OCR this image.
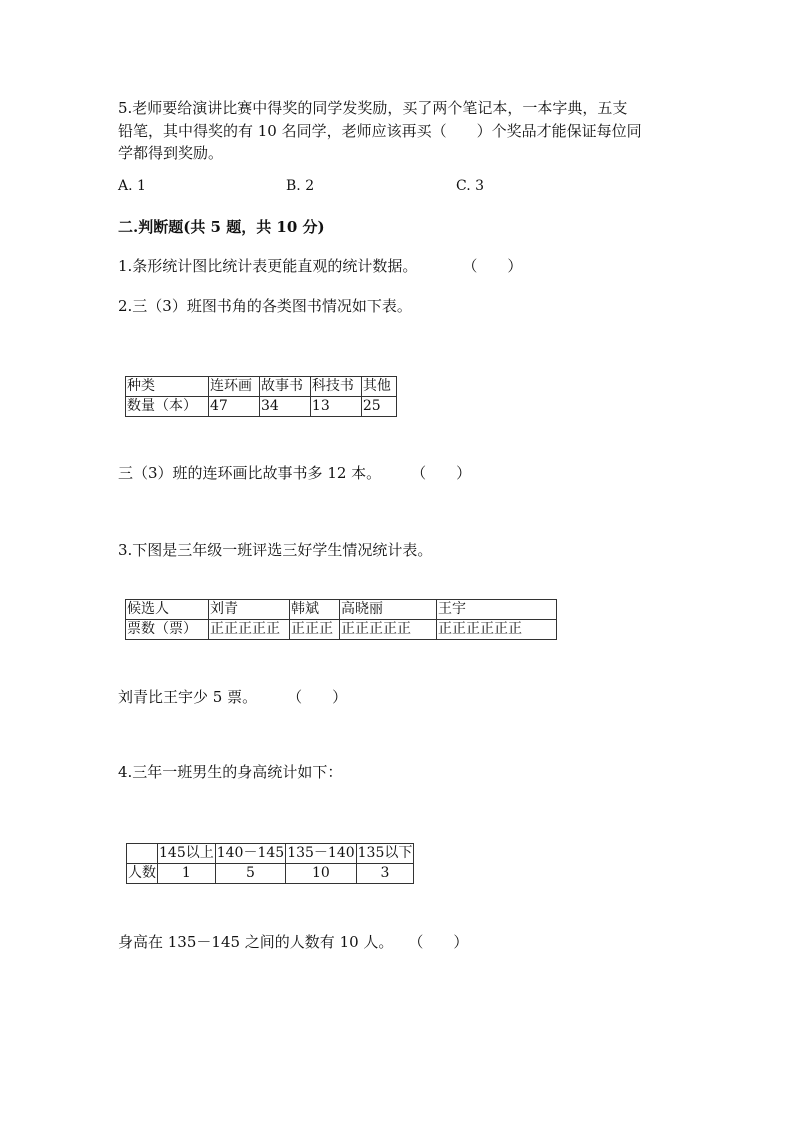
5.老师要给演讲比赛中得奖的同学发奖励，买了两个笔记本，一本字典，五支
铅笔，其中得奖的有 10 名同学，老师应该再买（　　）个奖品才能保证每位同
学都得到奖励。
A. 1	B. 2	C. 3
二.判断题(共 5 题，共 10 分)
1.条形统计图比统计表更能直观的统计数据。　　　　（　　）
2.三（3）班图书角的各类图书情况如下表。
种类	连环画	故事书	科技书	其他
数量（本）	47	34	13	25
三（3）班的连环画比故事书多 12 本。　　　（　　）
3.下图是三年级一班评选三好学生情况统计表。
候选人	刘青	韩斌	高晓丽	王宇
票数（票）	正正正正正	正正正	正正正正正	正正正正正正
刘青比王宇少 5 票。　　　（　　）
4.三年一班男生的身高统计如下：
	145以上	140－145	135－140	135以下
人数	1	5	10	3
身高在 135－145 之间的人数有 10 人。　　（　　）
